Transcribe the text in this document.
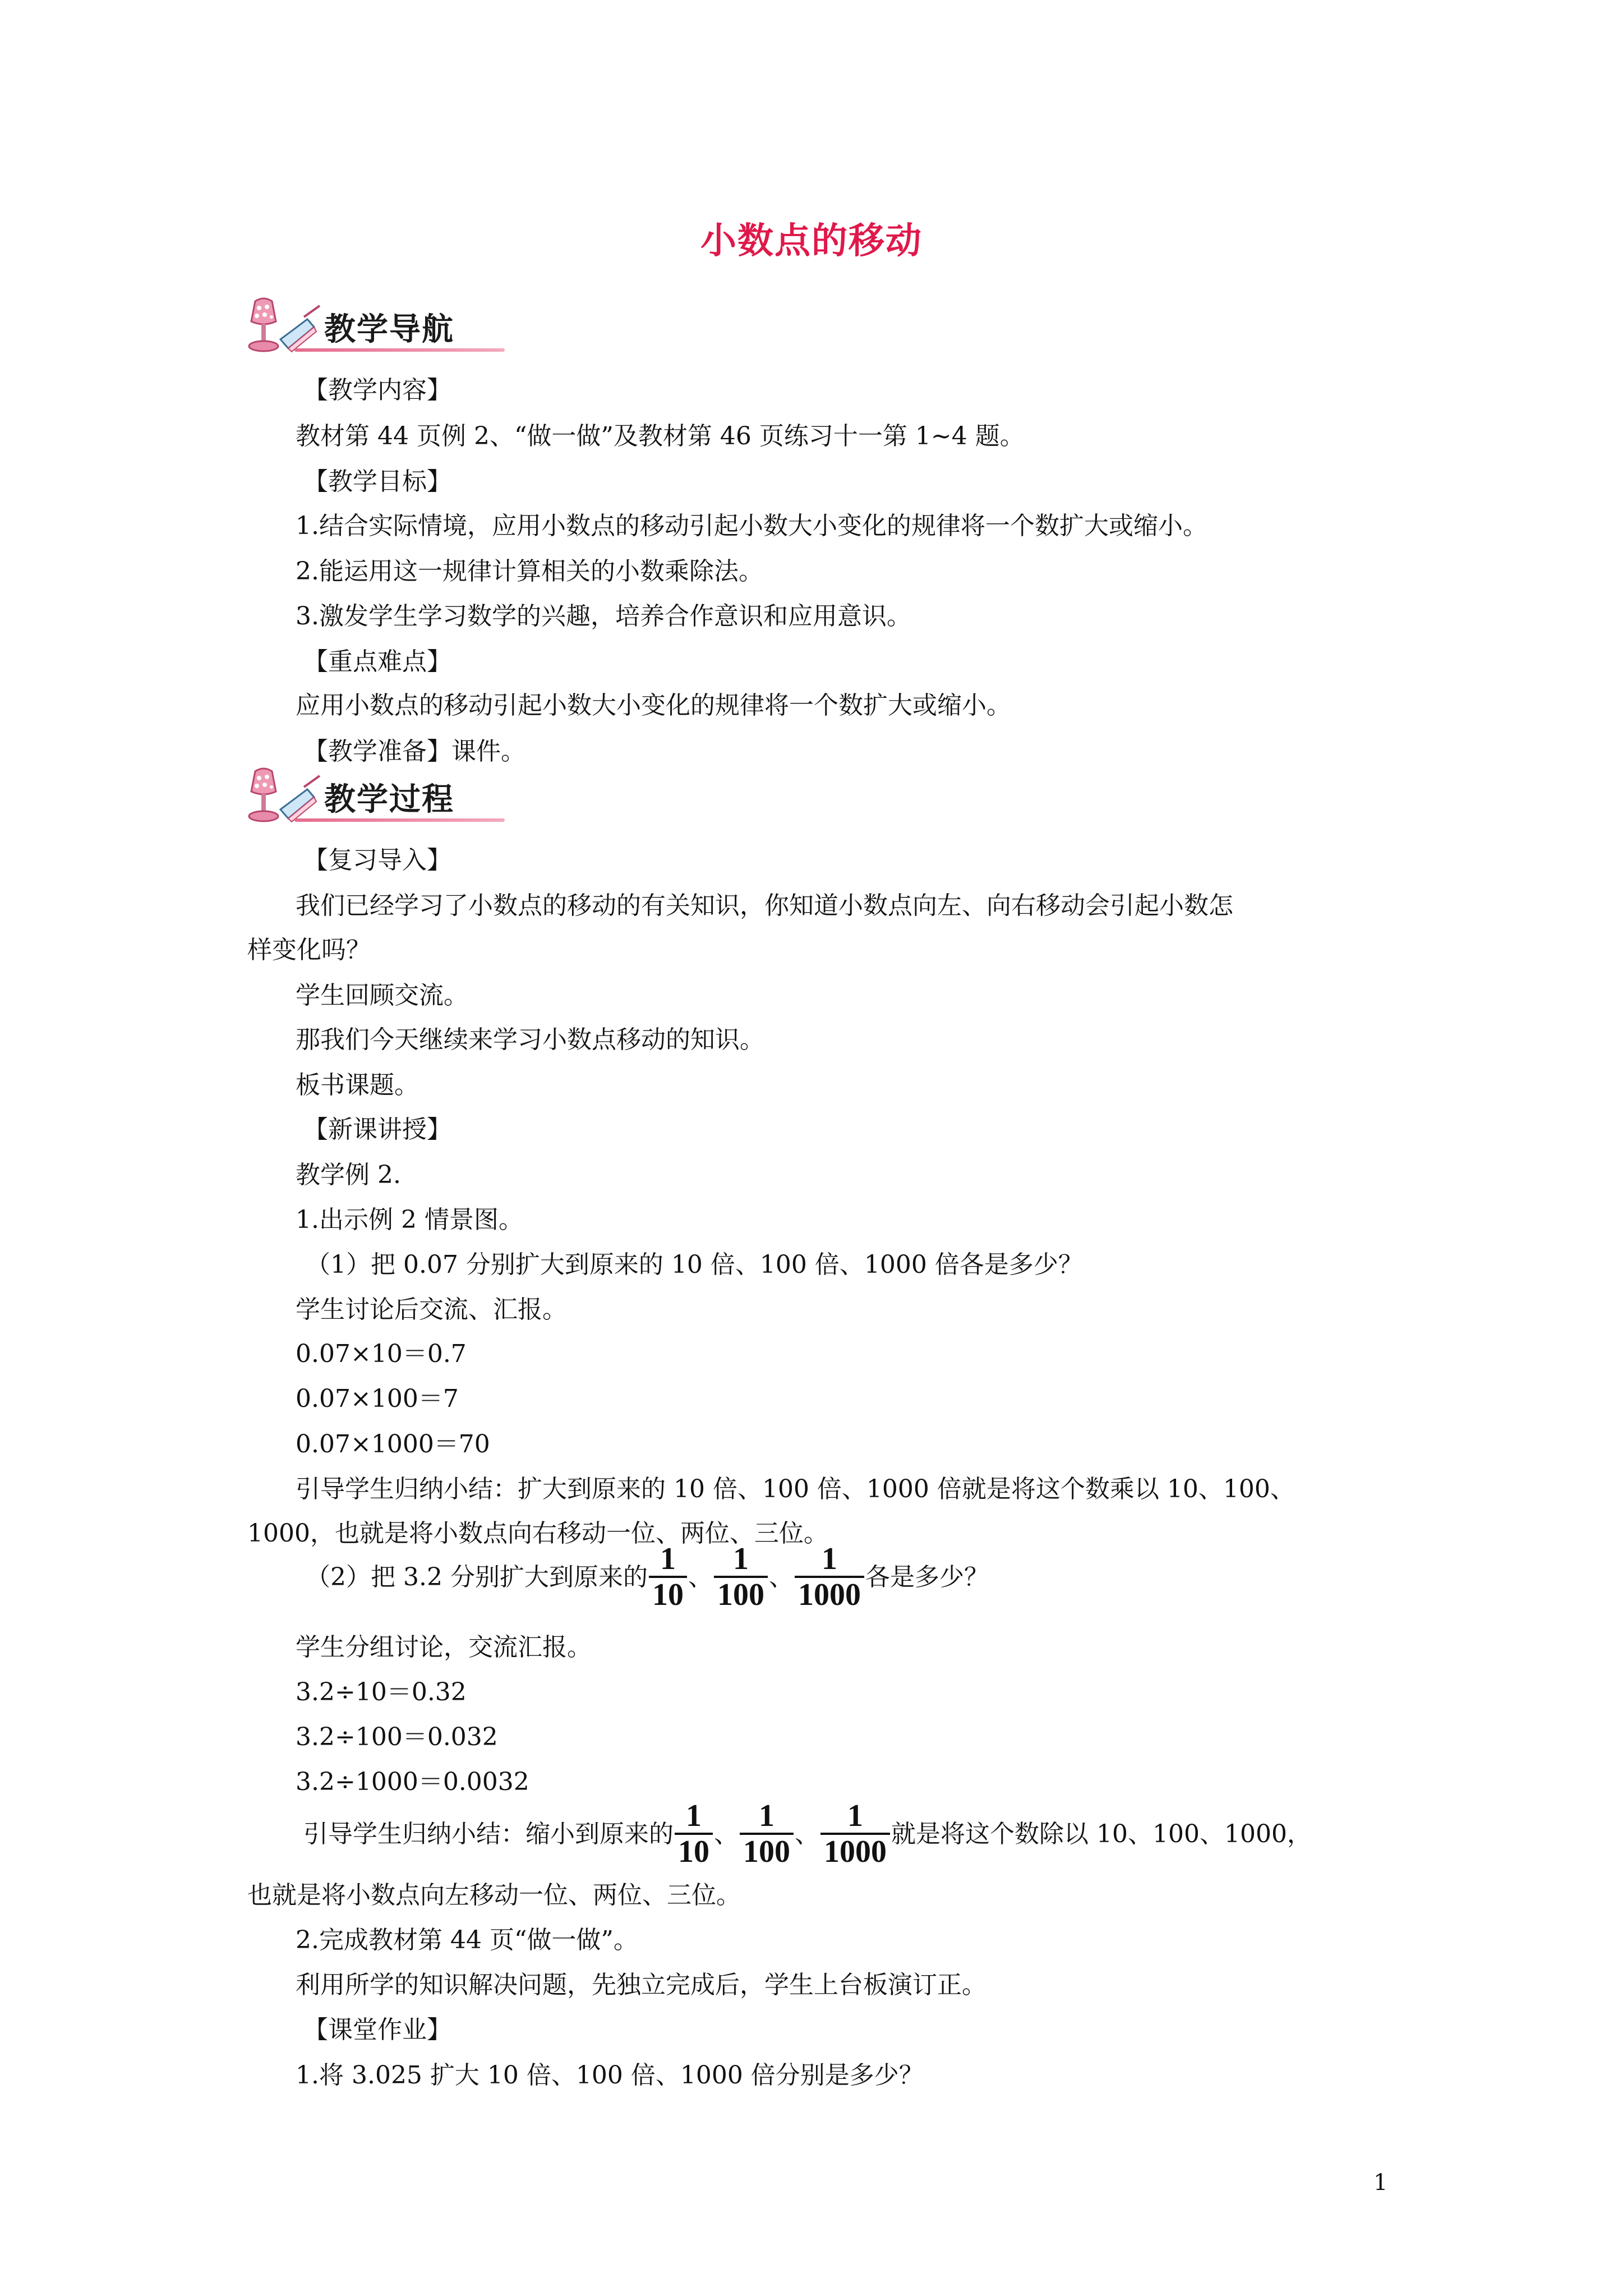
小数点的移动
教学导航
【教学内容】
教材第 44 页例 2、“做一做”及教材第 46 页练习十一第 1~4 题。
【教学目标】
1.结合实际情境，应用小数点的移动引起小数大小变化的规律将一个数扩大或缩小。
2.能运用这一规律计算相关的小数乘除法。
3.激发学生学习数学的兴趣，培养合作意识和应用意识。
【重点难点】
应用小数点的移动引起小数大小变化的规律将一个数扩大或缩小。
【教学准备】课件。
教学过程
【复习导入】
我们已经学习了小数点的移动的有关知识，你知道小数点向左、向右移动会引起小数怎
样变化吗？
学生回顾交流。
那我们今天继续来学习小数点移动的知识。
板书课题。
【新课讲授】
教学例 2.
1.出示例 2 情景图。
（1）把 0.07 分别扩大到原来的 10 倍、100 倍、1000 倍各是多少？
学生讨论后交流、汇报。
0.07×10＝0.7
0.07×100＝7
0.07×1000＝70
引导学生归纳小结：扩大到原来的 10 倍、100 倍、1000 倍就是将这个数乘以 10、100、
1000，也就是将小数点向右移动一位、两位、三位。
（2）把 3.2 分别扩大到原来的 $\frac{1}{10}$ 、 $\frac{1}{100}$ 、 $\frac{1}{1000}$ 各是多少？
学生分组讨论，交流汇报。
3.2÷10＝0.32
3.2÷100＝0.032
3.2÷1000＝0.0032
引导学生归纳小结：缩小到原来的 $\frac{1}{10}$ 、 $\frac{1}{100}$ 、 $\frac{1}{1000}$ 就是将这个数除以 10、100、1000，
也就是将小数点向左移动一位、两位、三位。
2.完成教材第 44 页“做一做”。
利用所学的知识解决问题，先独立完成后，学生上台板演订正。
【课堂作业】
1.将 3.025 扩大 10 倍、100 倍、1000 倍分别是多少？
1
